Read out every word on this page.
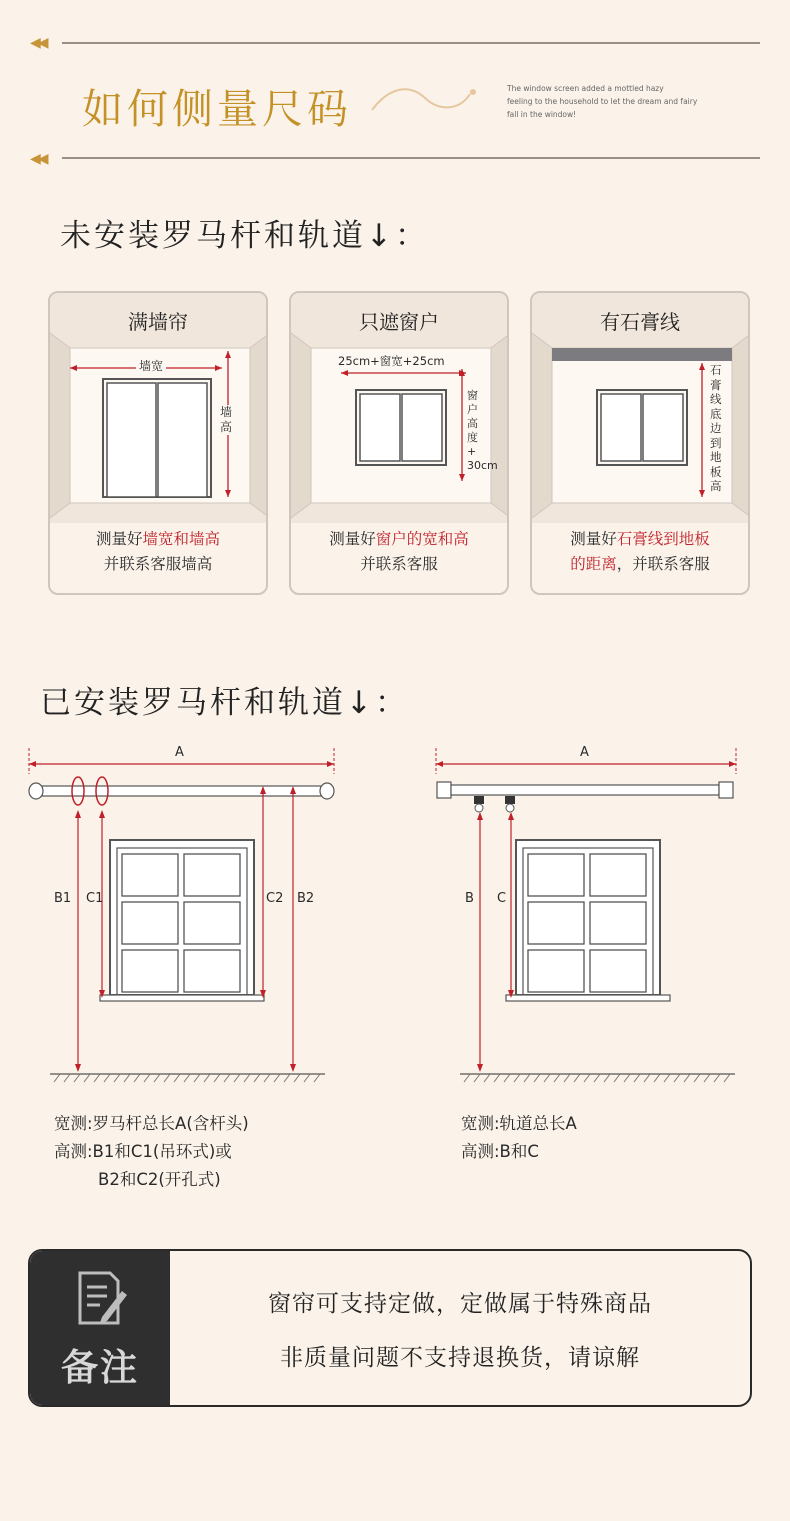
◀◀
如何侧量尺码	The window screen added a mottled hazy
feeling to the household to let the dream and fairy
fall in the window!
◀◀
未安装罗马杆和轨道↓：
满墙帘
墙宽
墙
高
测量好墙宽和墙高
并联系客服墙高
只遮窗户
25cm+窗宽+25cm
窗
户
高
度
+
30cm
测量好窗户的宽和高
并联系客服
有石膏线
石
膏
线
底
边
到
地
板
高
测量好石膏线到地板
的距离，并联系客服
已安装罗马杆和轨道↓：
A
B1 C1	C2 B2
A
B C
宽测:罗马杆总长A(含杆头)
高测:B1和C1(吊环式)或
B2和C2(开孔式)
宽测:轨道总长A
高测:B和C
备注
窗帘可支持定做，定做属于特殊商品
非质量问题不支持退换货，请谅解
